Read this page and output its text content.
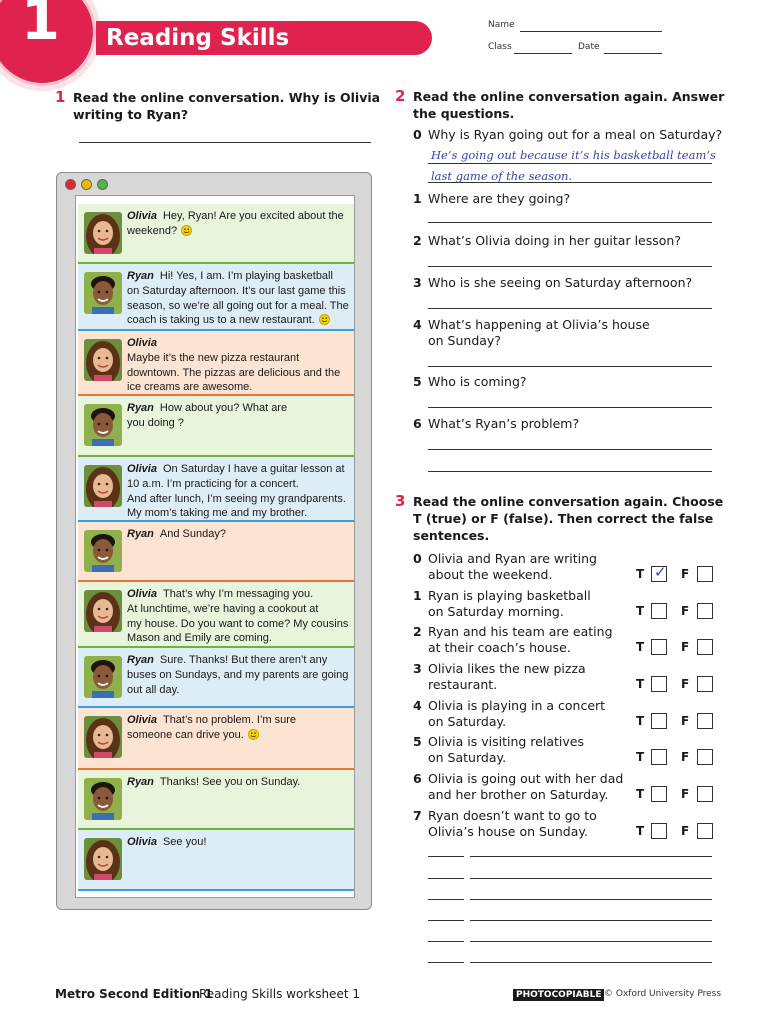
1 Reading Skills worksheet
Name
Class	Date
1 Read the online conversation. Why is Olivia
writing to Ryan?
Olivia Hey, Ryan! Are you excited about the
weekend?
Ryan Hi! Yes, I am. I’m playing basketball
on Saturday afternoon. It’s our last game this
season, so we’re all going out for a meal. The
coach is taking us to a new restaurant.
Olivia
Maybe it’s the new pizza restaurant
downtown. The pizzas are delicious and the
ice creams are awesome.
Ryan How about you? What are
you doing ?
Olivia On Saturday I have a guitar lesson at
10 a.m. I’m practicing for a concert.
And after lunch, I’m seeing my grandparents.
My mom’s taking me and my brother.
Ryan And Sunday?
Olivia That’s why I’m messaging you.
At lunchtime, we’re having a cookout at
my house. Do you want to come? My cousins
Mason and Emily are coming.
Ryan Sure. Thanks! But there aren’t any
buses on Sundays, and my parents are going
out all day.
Olivia That’s no problem. I’m sure
someone can drive you.
Ryan Thanks! See you on Sunday.
Olivia See you!
2 Read the online conversation again. Answer
the questions.
0 Why is Ryan going out for a meal on Saturday?
1 Where are they going?
2 What’s Olivia doing in her guitar lesson?
3 Who is she seeing on Saturday afternoon?
4 What’s happening at Olivia’s house
on Sunday?
5 Who is coming?
6 What’s Ryan’s problem?
He’s going out because it’s his basketball team’s
last game of the season.
3 Read the online conversation again. Choose
T (true) or F (false). Then correct the false
sentences.
0 Olivia and Ryan are writing
about the weekend.	T ✓ F
1 Ryan is playing basketball
on Saturday morning.	T	F
2 Ryan and his team are eating
at their coach’s house.	T	F
3 Olivia likes the new pizza
restaurant.	T	F
4 Olivia is playing in a concert
on Saturday.	T	F
5 Olivia is visiting relatives
on Saturday.	T	F
6 Olivia is going out with her dad
and her brother on Saturday.	T	F
7 Ryan doesn’t want to go to
Olivia’s house on Sunday.	T	F
Metro Second Edition 1
Reading Skills worksheet 1	PHOTOCOPIABLE © Oxford University Press
